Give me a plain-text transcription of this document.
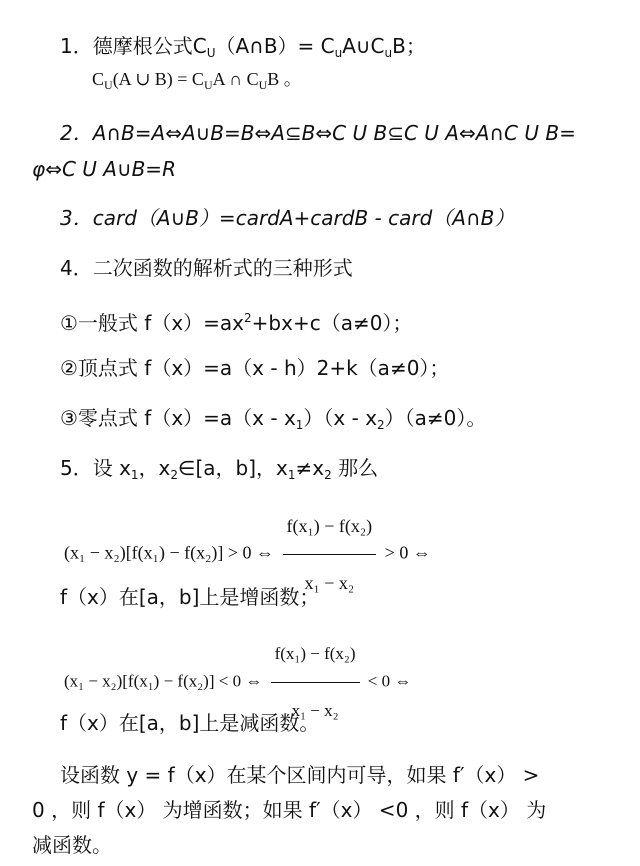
1．德摩根公式$C_U(A\cap B)=$ $C_uA\cup C_uB$；
$C_U(A$ ∪ $B) = C_UA$ ∩ $C_UB$ 。
2．A∩B=A⇔A∪B=B⇔A⊆B⇔C U B⊆C U A⇔A∩C U B=
φ⇔C U A∪B=R
3．card（A∪B）=cardA+cardB - card（A∩B）
4．二次函数的解析式的三种形式
①一般式 $f(x)=ax^2+bx+c(a\ne 0)$；
②顶点式 f（x）=a（x - h）2+k（a≠0）；
③零点式 $f(x)=a(x - x_1)(x - x_2)(a\ne 0)$。
5．设 $x_1$，$x_2\in[a$，b]，$x_1\ne x_2$ 那么
(x₁ − x₂)[f(x₁) − f(x₂)] > 0 ⇔ $\frac{\text{f(x₁) − f(x₂)}}{\text{x₁ − x₂}} > 0$ ⇔
f（x）在[a，b]上是增函数；
(x₁ − x₂)[f(x₁) − f(x₂)] < 0 ⇔ $\frac{\text{f(x₁) − f(x₂)}}{\text{x₁ − x₂}} < 0$ ⇔
f（x）在[a，b]上是减函数。
设函数 y = f（x）在某个区间内可导，如果 f′（x） >
0 ，则 f（x） 为增函数；如果 f′（x） <0 ，则 f（x） 为
减函数。
